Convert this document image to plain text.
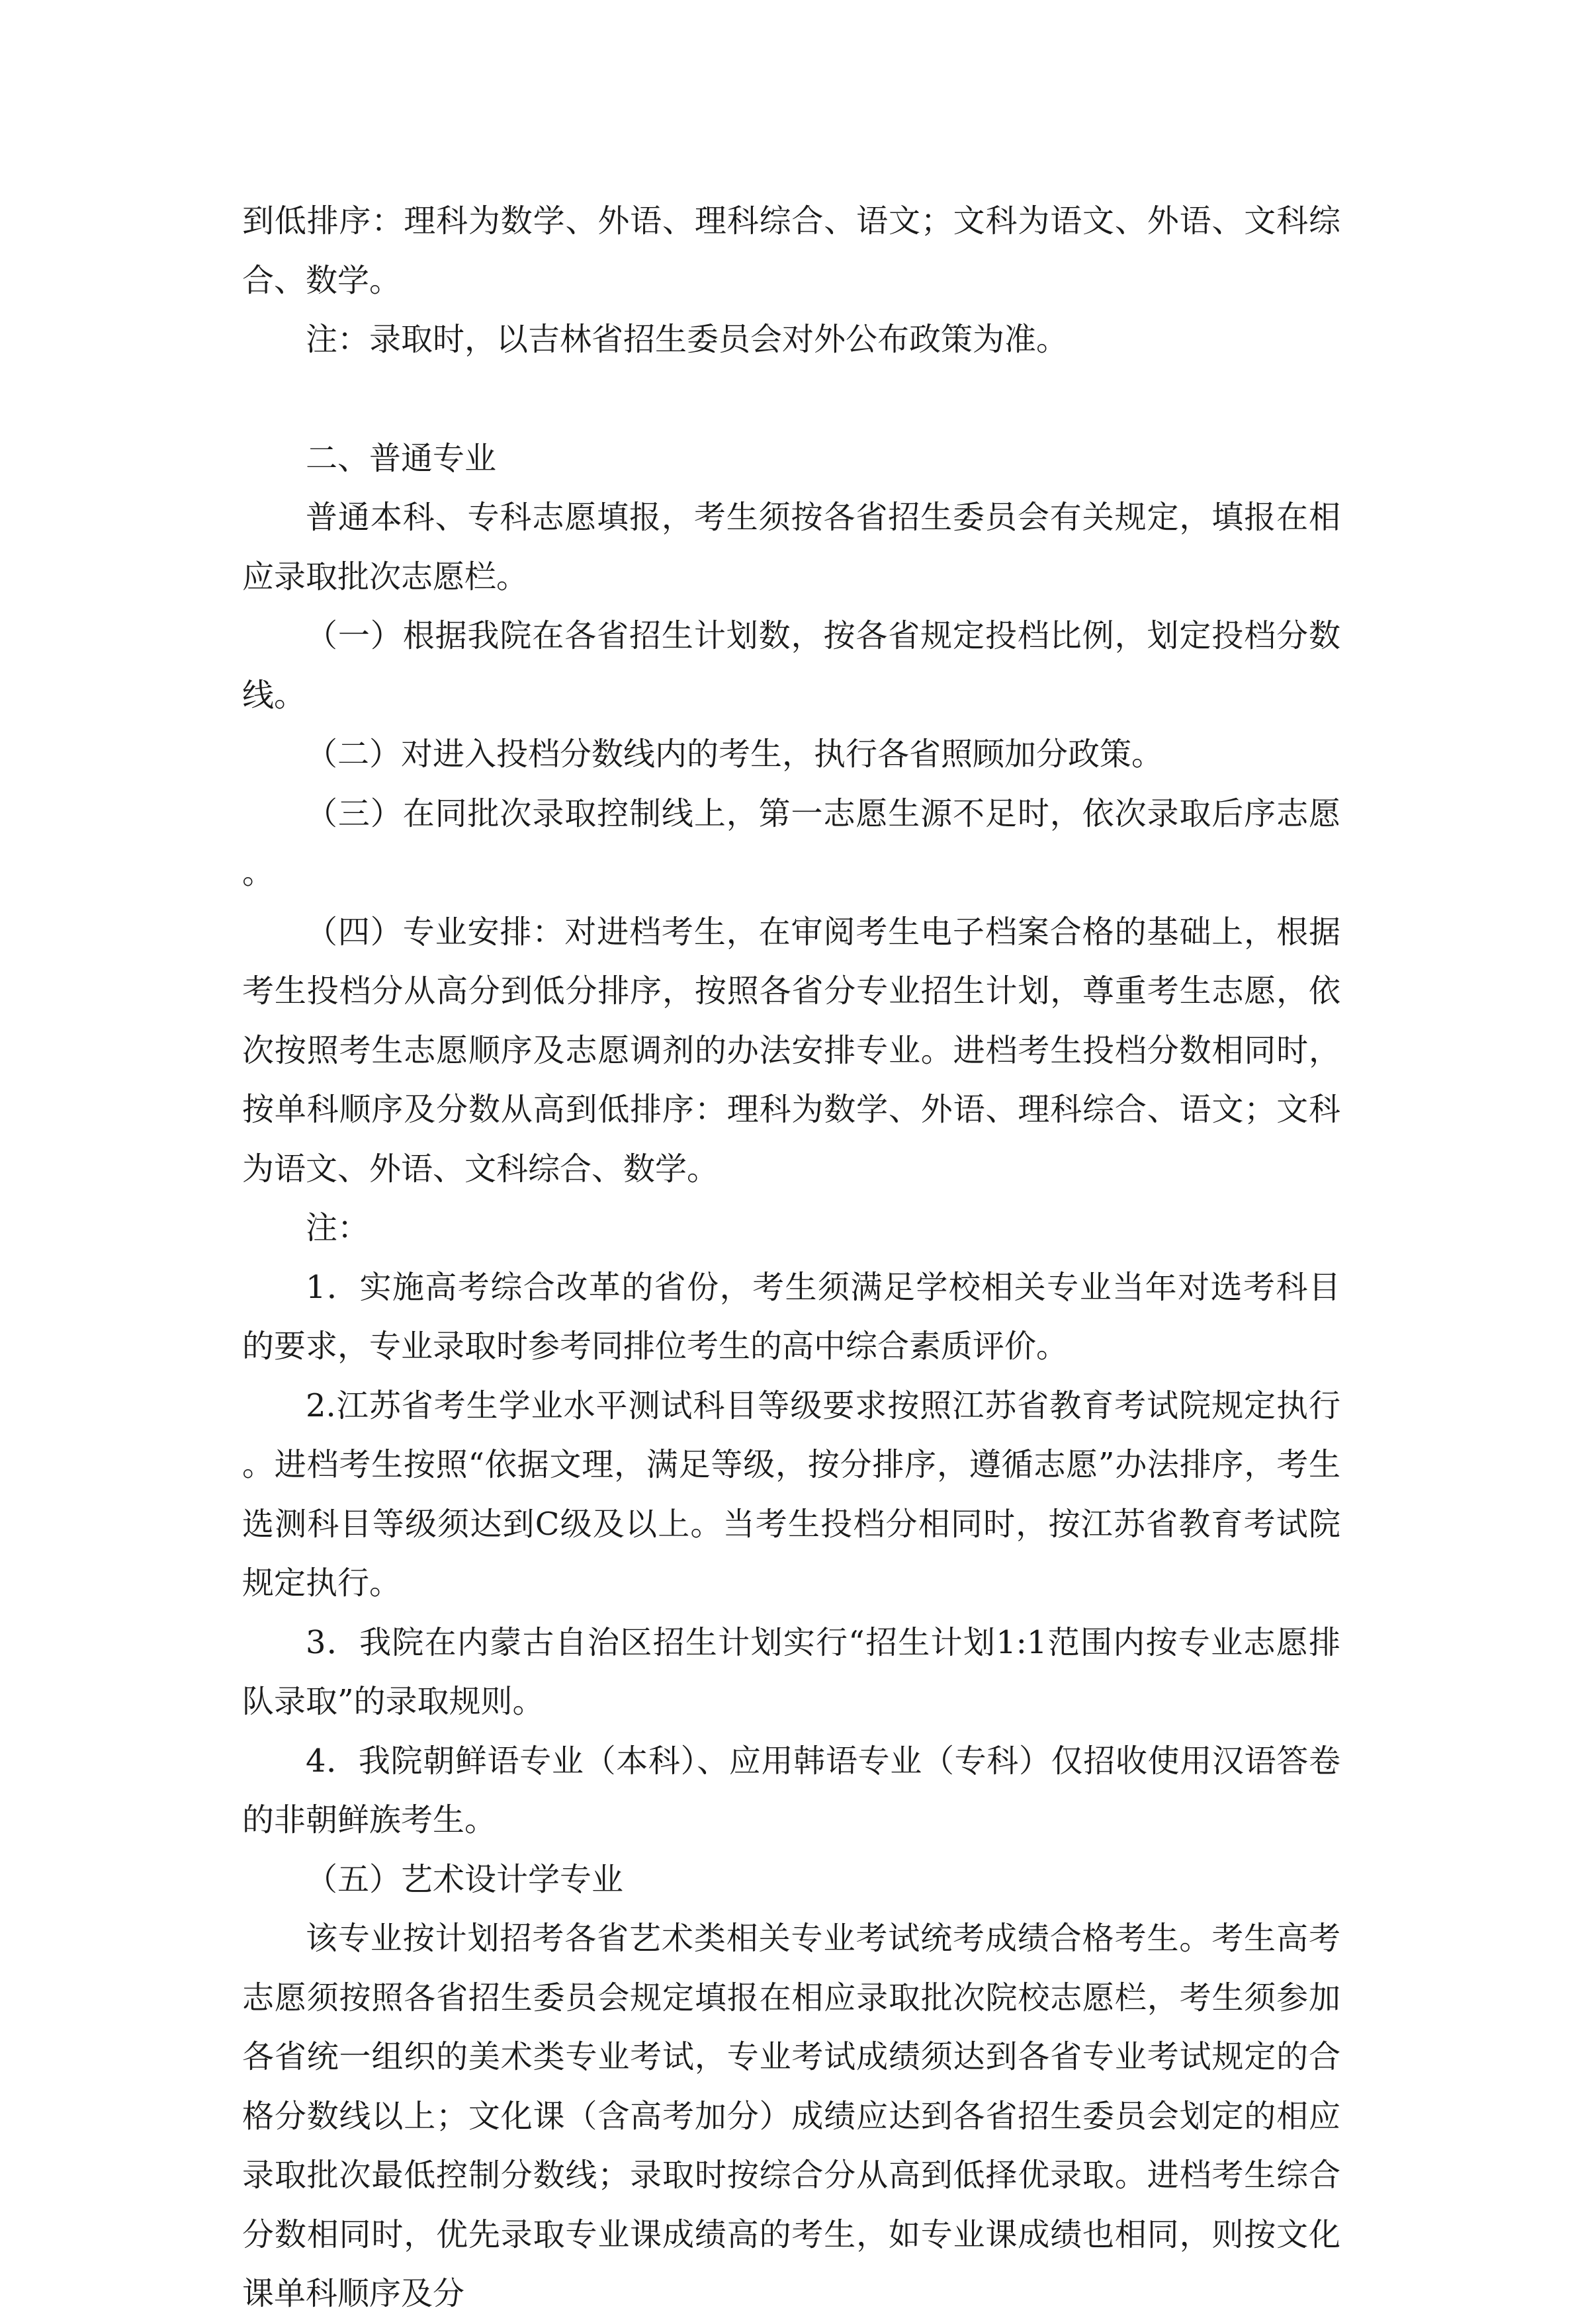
到低排序：理科为数学、外语、理科综合、语文；文科为语文、外语、文科综合、数学。

注：录取时，以吉林省招生委员会对外公布政策为准。

二、普通专业

普通本科、专科志愿填报，考生须按各省招生委员会有关规定，填报在相应录取批次志愿栏。

（一）根据我院在各省招生计划数，按各省规定投档比例，划定投档分数线。

（二）对进入投档分数线内的考生，执行各省照顾加分政策。

（三）在同批次录取控制线上，第一志愿生源不足时，依次录取后序志愿。

（四）专业安排：对进档考生，在审阅考生电子档案合格的基础上，根据考生投档分从高分到低分排序，按照各省分专业招生计划，尊重考生志愿，依次按照考生志愿顺序及志愿调剂的办法安排专业。进档考生投档分数相同时，按单科顺序及分数从高到低排序：理科为数学、外语、理科综合、语文；文科为语文、外语、文科综合、数学。

注：

1．实施高考综合改革的省份，考生须满足学校相关专业当年对选考科目的要求，专业录取时参考同排位考生的高中综合素质评价。

2.江苏省考生学业水平测试科目等级要求按照江苏省教育考试院规定执行。进档考生按照“依据文理，满足等级，按分排序，遵循志愿”办法排序，考生选测科目等级须达到C级及以上。当考生投档分相同时，按江苏省教育考试院规定执行。

3．我院在内蒙古自治区招生计划实行“招生计划1:1范围内按专业志愿排队录取”的录取规则。

4．我院朝鲜语专业（本科）、应用韩语专业（专科）仅招收使用汉语答卷的非朝鲜族考生。

（五）艺术设计学专业

该专业按计划招考各省艺术类相关专业考试统考成绩合格考生。考生高考志愿须按照各省招生委员会规定填报在相应录取批次院校志愿栏，考生须参加各省统一组织的美术类专业考试，专业考试成绩须达到各省专业考试规定的合格分数线以上；文化课（含高考加分）成绩应达到各省招生委员会划定的相应录取批次最低控制分数线；录取时按综合分从高到低择优录取。进档考生综合分数相同时，优先录取专业课成绩高的考生，如专业课成绩也相同，则按文化课单科顺序及分
